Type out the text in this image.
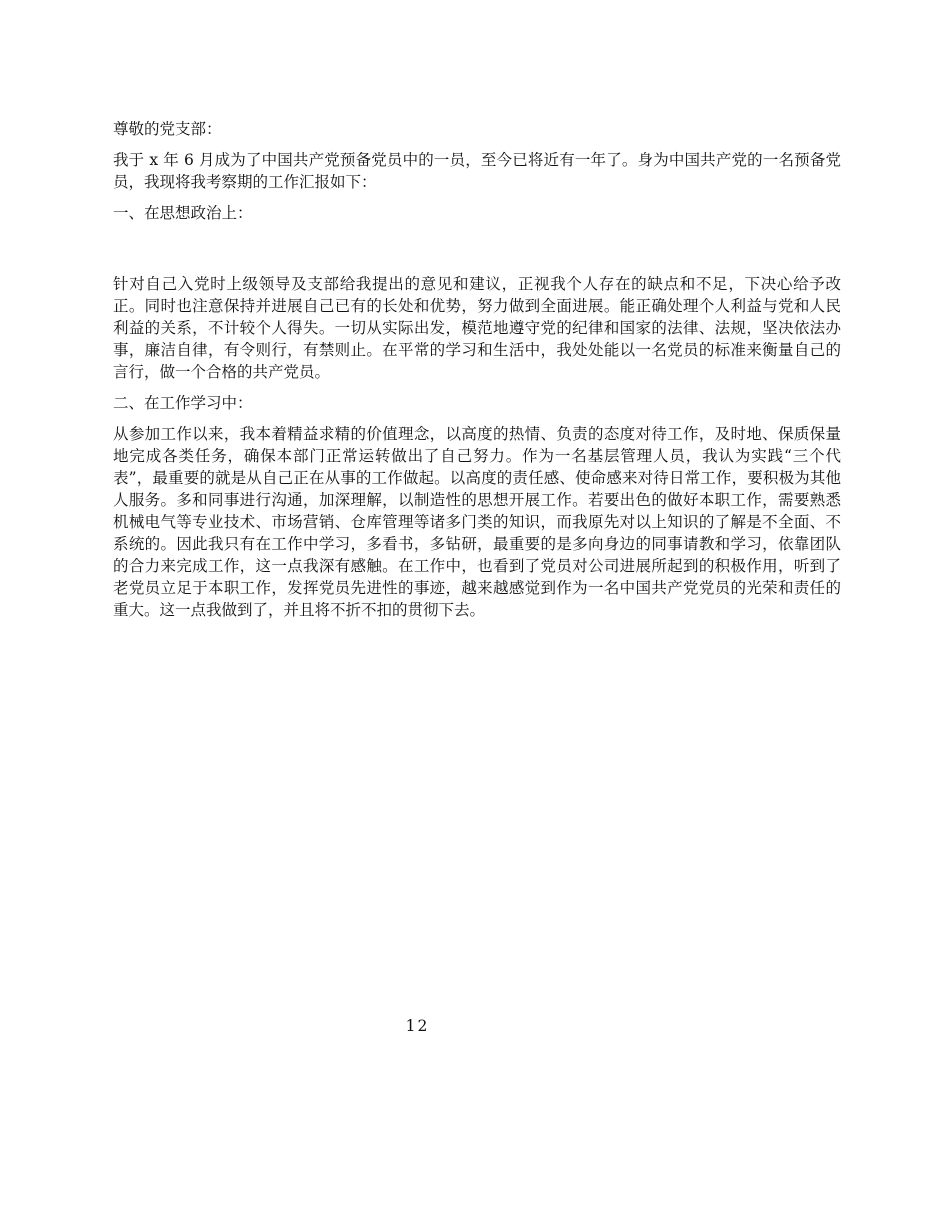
尊敬的党支部：

我于 x 年 6 月成为了中国共产党预备党员中的一员，至今已将近有一年了。身为中国共产党的一名预备党员，我现将我考察期的工作汇报如下：

一、在思想政治上：

针对自己入党时上级领导及支部给我提出的意见和建议，正视我个人存在的缺点和不足，下决心给予改正。同时也注意保持并进展自己已有的长处和优势，努力做到全面进展。能正确处理个人利益与党和人民利益的关系，不计较个人得失。一切从实际出发，模范地遵守党的纪律和国家的法律、法规，坚决依法办事，廉洁自律，有令则行，有禁则止。在平常的学习和生活中，我处处能以一名党员的标准来衡量自己的言行，做一个合格的共产党员。

二、在工作学习中：

从参加工作以来，我本着精益求精的价值理念，以高度的热情、负责的态度对待工作，及时地、保质保量地完成各类任务，确保本部门正常运转做出了自己努力。作为一名基层管理人员，我认为实践“三个代表”，最重要的就是从自己正在从事的工作做起。以高度的责任感、使命感来对待日常工作，要积极为其他人服务。多和同事进行沟通，加深理解，以制造性的思想开展工作。若要出色的做好本职工作，需要熟悉机械电气等专业技术、市场营销、仓库管理等诸多门类的知识，而我原先对以上知识的了解是不全面、不系统的。因此我只有在工作中学习，多看书，多钻研，最重要的是多向身边的同事请教和学习，依靠团队的合力来完成工作，这一点我深有感触。在工作中，也看到了党员对公司进展所起到的积极作用，听到了老党员立足于本职工作，发挥党员先进性的事迹，越来越感觉到作为一名中国共产党党员的光荣和责任的重大。这一点我做到了，并且将不折不扣的贯彻下去。

12
